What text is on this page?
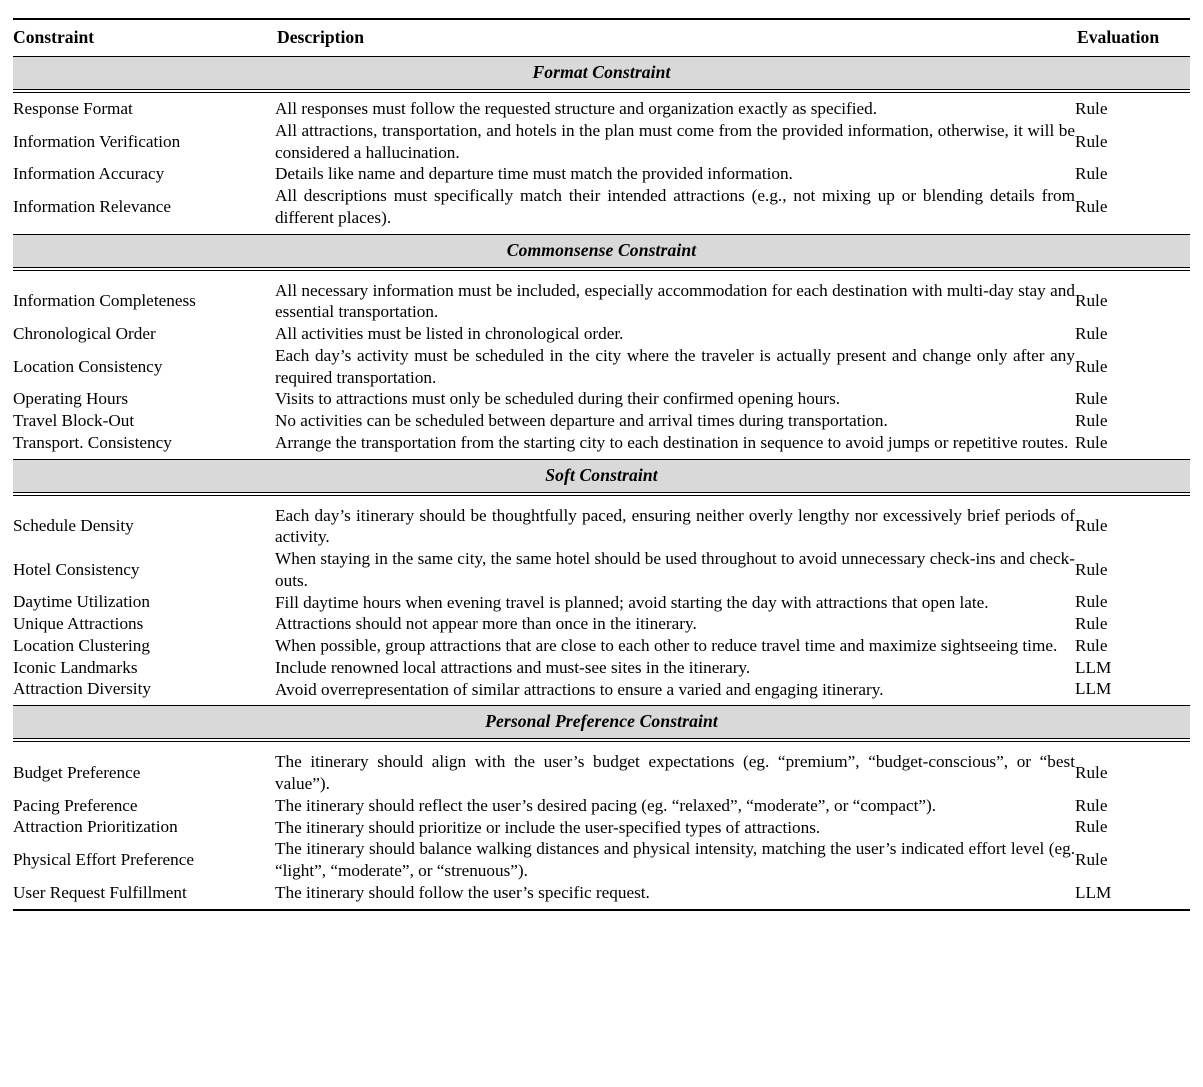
Constraint	Description	Evaluation

Format Constraint		

Response Format	All responses must follow the requested structure and organization exactly as specified.	Rule
Information Verification	All attractions, transportation, and hotels in the plan must come from the provided information, otherwise, it will be considered a hallucination.	Rule
Information Accuracy	Details like name and departure time must match the provided information.	Rule
Information Relevance	All descriptions must specifically match their intended attractions (e.g., not mixing up or blending details from different places).	Rule

Commonsense Constraint		

Information Completeness	All necessary information must be included, especially accommodation for each destination with multi-day stay and essential transportation.	Rule
Chronological Order	All activities must be listed in chronological order.	Rule
Location Consistency	Each day’s activity must be scheduled in the city where the traveler is actually present and change only after any required transportation.	Rule
Operating Hours	Visits to attractions must only be scheduled during their confirmed opening hours.	Rule
Travel Block-Out	No activities can be scheduled between departure and arrival times during transportation.	Rule
Transport. Consistency	Arrange the transportation from the starting city to each destination in sequence to avoid jumps or repetitive routes.	Rule

Soft Constraint		

Schedule Density	Each day’s itinerary should be thoughtfully paced, ensuring neither overly lengthy nor excessively brief periods of activity.	Rule
Hotel Consistency	When staying in the same city, the same hotel should be used throughout to avoid unnecessary check-ins and check-outs.	Rule
Daytime Utilization	Fill daytime hours when evening travel is planned; avoid starting the day with attractions that open late.	Rule
Unique Attractions	Attractions should not appear more than once in the itinerary.	Rule
Location Clustering	When possible, group attractions that are close to each other to reduce travel time and maximize sightseeing time.	Rule
Iconic Landmarks	Include renowned local attractions and must-see sites in the itinerary.	LLM
Attraction Diversity	Avoid overrepresentation of similar attractions to ensure a varied and engaging itinerary.	LLM

Personal Preference Constraint		

Budget Preference	The itinerary should align with the user’s budget expectations (eg. “premium”, “budget-conscious”, or “best value”).	Rule
Pacing Preference	The itinerary should reflect the user’s desired pacing (eg. “relaxed”, “moderate”, or “compact”).	Rule
Attraction Prioritization	The itinerary should prioritize or include the user-specified types of attractions.	Rule
Physical Effort Preference	The itinerary should balance walking distances and physical intensity, matching the user’s indicated effort level (eg. “light”, “moderate”, or “strenuous”).	Rule
User Request Fulfillment	The itinerary should follow the user’s specific request.	LLM
